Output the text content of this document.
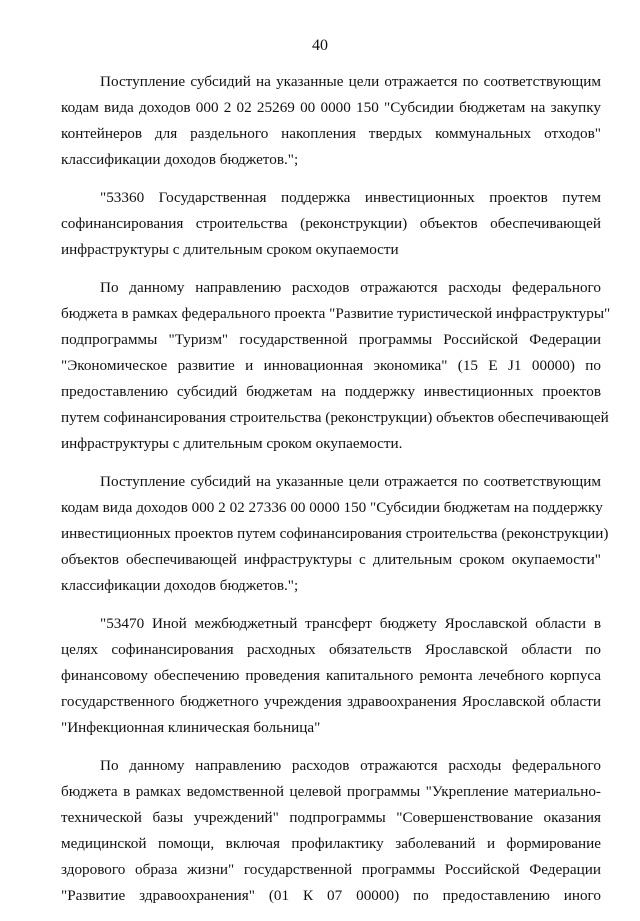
40

Поступление субсидий на указанные цели отражается по соответствующим
кодам вида доходов 000 2 02 25269 00 0000 150 "Субсидии бюджетам на закупку
контейнеров для раздельного накопления твердых коммунальных отходов"
классификации доходов бюджетов.";

"53360 Государственная поддержка инвестиционных проектов путем
софинансирования строительства (реконструкции) объектов обеспечивающей
инфраструктуры с длительным сроком окупаемости

По данному направлению расходов отражаются расходы федерального
бюджета в рамках федерального проекта "Развитие туристической инфраструктуры"
подпрограммы "Туризм" государственной программы Российской Федерации
"Экономическое развитие и инновационная экономика" (15 Е J1 00000) по
предоставлению субсидий бюджетам на поддержку инвестиционных проектов
путем софинансирования строительства (реконструкции) объектов обеспечивающей
инфраструктуры с длительным сроком окупаемости.

Поступление субсидий на указанные цели отражается по соответствующим
кодам вида доходов 000 2 02 27336 00 0000 150 "Субсидии бюджетам на поддержку
инвестиционных проектов путем софинансирования строительства (реконструкции)
объектов обеспечивающей инфраструктуры с длительным сроком окупаемости"
классификации доходов бюджетов.";

"53470 Иной межбюджетный трансферт бюджету Ярославской области в
целях софинансирования расходных обязательств Ярославской области по
финансовому обеспечению проведения капитального ремонта лечебного корпуса
государственного бюджетного учреждения здравоохранения Ярославской области
"Инфекционная клиническая больница"

По данному направлению расходов отражаются расходы федерального
бюджета в рамках ведомственной целевой программы "Укрепление материально-
технической базы учреждений" подпрограммы "Совершенствование оказания
медицинской помощи, включая профилактику заболеваний и формирование
здорового образа жизни" государственной программы Российской Федерации
"Развитие здравоохранения" (01 К 07 00000) по предоставлению иного
